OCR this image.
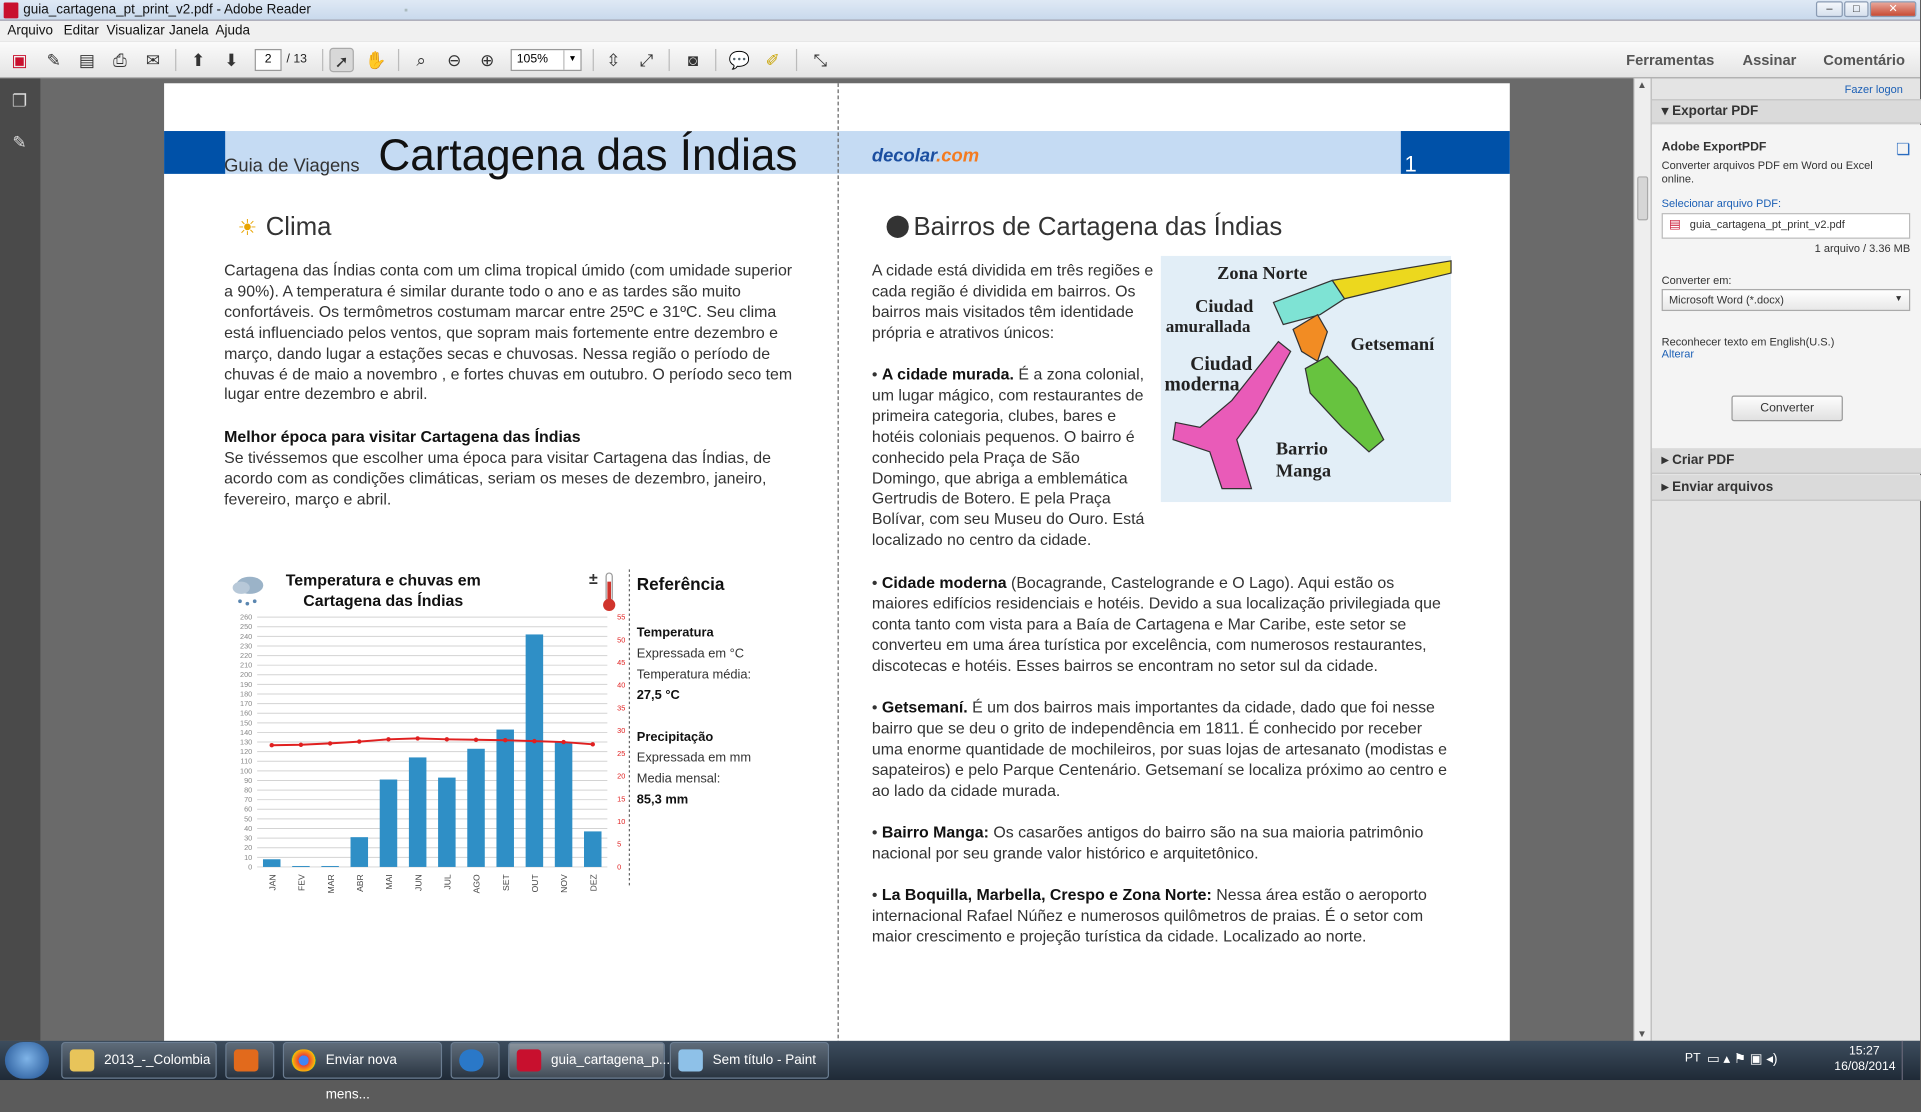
guia_cartagena_pt_print_v2.pdf - Adobe Reader	▪	–	□	✕
Arquivo Editar Visualizar Janela Ajuda
▣	✎	▤	⎙	✉	⬆	⬇	2	/ 13	➚	✋	⌕	⊖	⊕	105%	▼	⇳	⤢	◙	💬	✐	⤡	Ferramentas Assinar Comentário
❐
✎
Guia de Viagens Cartagena das Índias	decolar.com	1
☀ Clima
Cartagena das Índias conta com um clima tropical úmido (com umidade superior a 90%). A temperatura é similar durante todo o ano e as tardes são muito confortáveis. Os termômetros costumam marcar entre 25ºC e 31ºC. Seu clima está influenciado pelos ventos, que sopram mais fortemente entre dezembro e março, dando lugar a estações secas e chuvosas. Nessa região o período de chuvas é de maio a novembro , e fortes chuvas em outubro. O período seco tem lugar entre dezembro e abril.
Melhor época para visitar Cartagena das Índias
Se tivéssemos que escolher uma época para visitar Cartagena das Índias, de acordo com as condições climáticas, seriam os meses de dezembro, janeiro, fevereiro, março e abril.
Temperatura e chuvas em
Cartagena das Índias
±
0
10
20
30
40
50
60
70
80
90
100
110
120
130
140
150
160
170
180
190
200
210
220
230
240
250
260
0
5
10
15
20
25
30
35
40
45
50
55
JAN	FEV	MAR	ABR	MAI	JUN	JUL	AGO	SET	OUT	NOV	DEZ
Referência
Temperatura
Expressada em °C
Temperatura média:
27,5 °C
Precipitação
Expressada em mm
Media mensal:
85,3 mm
⬤ Bairros de Cartagena das Índias
A cidade está dividida em três regiões e cada região é dividida em bairros. Os bairros mais visitados têm identidade própria e atrativos únicos:
• A cidade murada. É a zona colonial, um lugar mágico, com restaurantes de primeira categoria, clubes, bares e hotéis coloniais pequenos. O bairro é conhecido pela Praça de São Domingo, que abriga a emblemática Gertrudis de Botero. E pela Praça Bolívar, com seu Museu do Ouro. Está localizado no centro da cidade.
Zona Norte
Ciudad
amurallada
Ciudad
moderna
Getsemaní
Barrio
Manga
• Cidade moderna (Bocagrande, Castelogrande e O Lago). Aqui estão os maiores edifícios residenciais e hotéis. Devido a sua localização privilegiada que conta tanto com vista para a Baía de Cartagena e Mar Caribe, este setor se converteu em uma área turística por excelência, com numerosos restaurantes, discotecas e hotéis. Esses bairros se encontram no setor sul da cidade.
• Getsemaní. É um dos bairros mais importantes da cidade, dado que foi nesse bairro que se deu o grito de independência em 1811. É conhecido por receber uma enorme quantidade de mochileiros, por suas lojas de artesanato (modistas e sapateiros) e pelo Parque Centenário. Getsemaní se localiza próximo ao centro e ao lado da cidade murada.
• Bairro Manga: Os casarões antigos do bairro são na sua maioria patrimônio nacional por seu grande valor histórico e arquitetônico.
• La Boquilla, Marbella, Crespo e Zona Norte: Nessa área estão o aeroporto internacional Rafael Núñez e numerosos quilômetros de praias. É o setor com maior crescimento e projeção turística da cidade. Localizado ao norte.
▲
▼
Fazer logon
▾ Exportar PDF
Adobe ExportPDF	❏
Converter arquivos PDF em Word ou Excel online.
Selecionar arquivo PDF:
▤ guia_cartagena_pt_print_v2.pdf
1 arquivo / 3.36 MB
Converter em:
Microsoft Word (*.docx)	▼
Reconhecer texto em English(U.S.)
Alterar
Converter
▸ Criar PDF
▸ Enviar arquivos
2013_-_Colombia	Enviar nova mens...
guia_cartagena_p...	Sem título - Paint	PT ▭ ▴ ⚑ ▣ ◂)
15:27
16/08/2014
